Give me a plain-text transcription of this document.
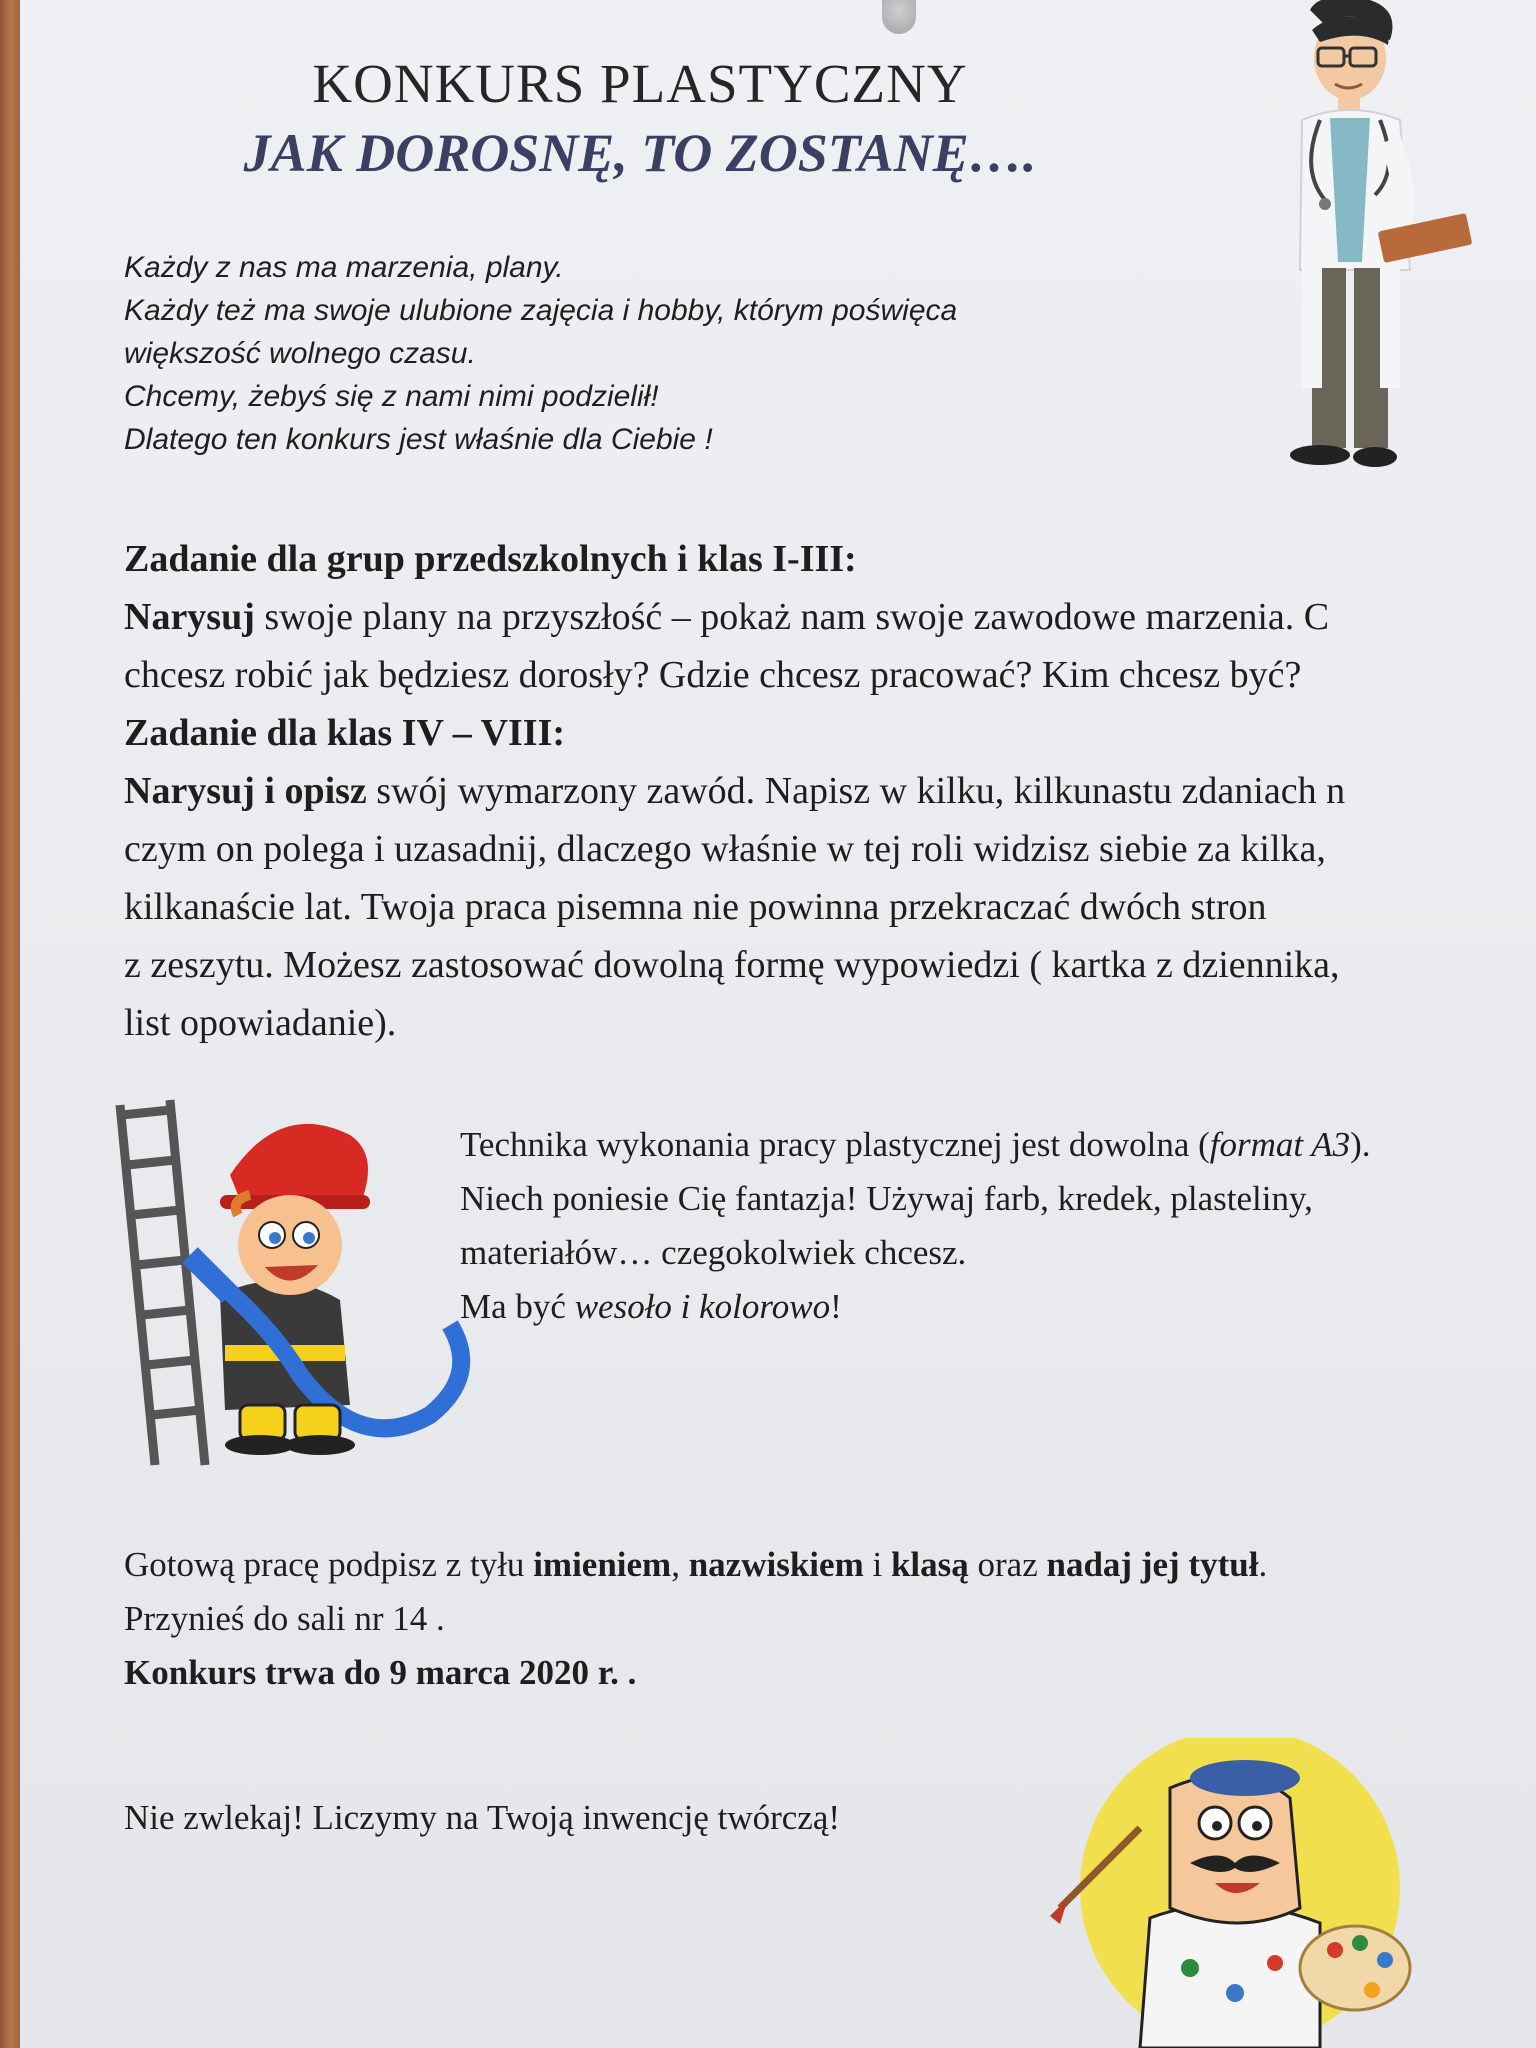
KONKURS PLASTYCZNY
JAK DOROSNĘ, TO ZOSTANĘ….
Każdy z nas ma marzenia, plany.
Każdy też ma swoje ulubione zajęcia i hobby, którym poświęca
większość wolnego czasu.
Chcemy, żebyś się z nami nimi podzielił!
Dlatego ten konkurs jest właśnie dla Ciebie !
Zadanie dla grup przedszkolnych i klas I-III:
Narysuj swoje plany na przyszłość – pokaż nam swoje zawodowe marzenia. C
chcesz robić jak będziesz dorosły? Gdzie chcesz pracować? Kim chcesz być?
Zadanie dla klas IV – VIII:
Narysuj i opisz swój wymarzony zawód. Napisz w kilku, kilkunastu zdaniach n
czym on polega i uzasadnij, dlaczego właśnie w tej roli widzisz siebie za kilka,
kilkanaście lat. Twoja praca pisemna nie powinna przekraczać dwóch stron
z zeszytu. Możesz zastosować dowolną formę wypowiedzi ( kartka z dziennika,
list opowiadanie).
Technika wykonania pracy plastycznej jest dowolna (format A3).
Niech poniesie Cię fantazja! Używaj farb, kredek, plasteliny,
materiałów… czegokolwiek chcesz.
Ma być wesoło i kolorowo!
Gotową pracę podpisz z tyłu imieniem, nazwiskiem i klasą oraz nadaj jej tytuł.
Przynieś do sali nr 14 .
Konkurs trwa do 9 marca 2020 r. .
Nie zwlekaj! Liczymy na Twoją inwencję twórczą!
